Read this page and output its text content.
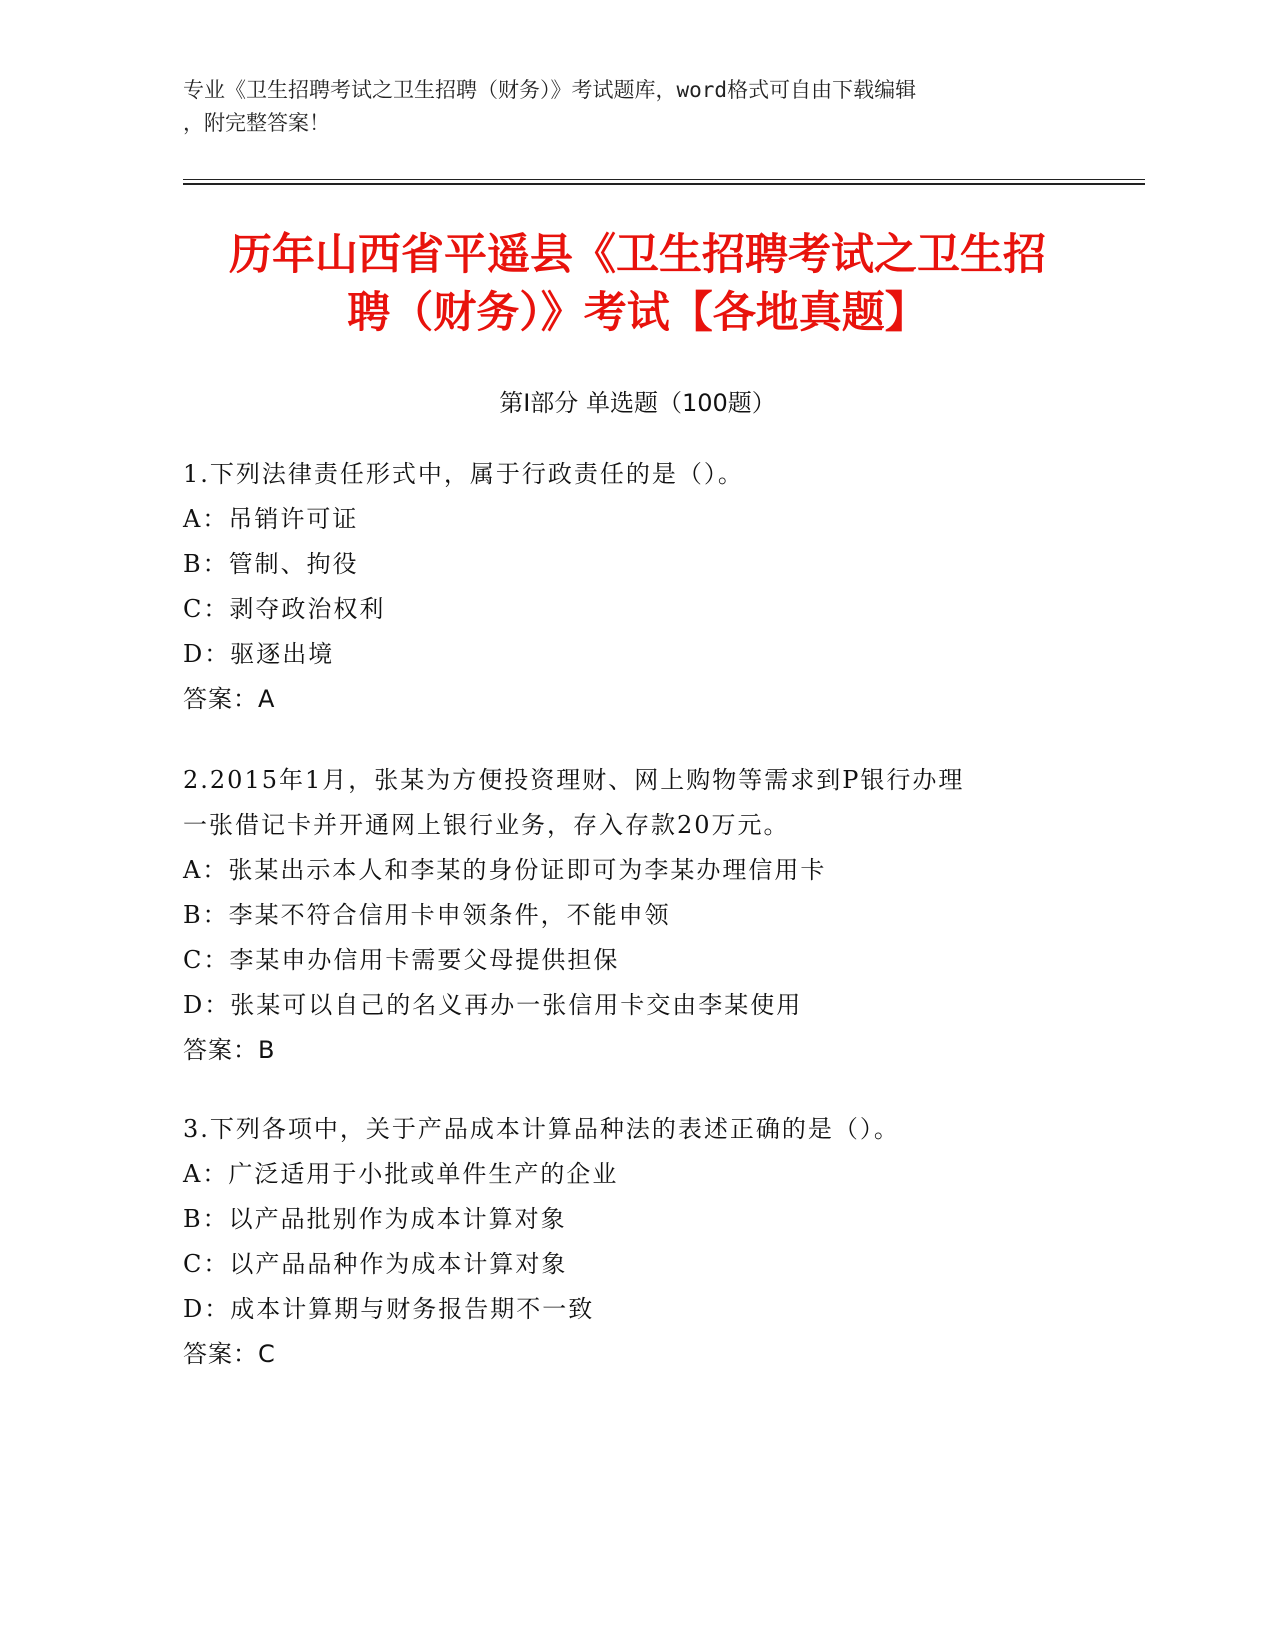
专业《卫生招聘考试之卫生招聘（财务）》考试题库，word格式可自由下载编辑
，附完整答案！
历年山西省平遥县《卫生招聘考试之卫生招
聘（财务）》考试【各地真题】
第Ⅰ部分 单选题（100题）
1.下列法律责任形式中，属于行政责任的是（）。
A：吊销许可证
B：管制、拘役
C：剥夺政治权利
D：驱逐出境
答案：A
2.2015年1月，张某为方便投资理财、网上购物等需求到P银行办理
一张借记卡并开通网上银行业务，存入存款20万元。
A：张某出示本人和李某的身份证即可为李某办理信用卡
B：李某不符合信用卡申领条件，不能申领
C：李某申办信用卡需要父母提供担保
D：张某可以自己的名义再办一张信用卡交由李某使用
答案：B
3.下列各项中，关于产品成本计算品种法的表述正确的是（）。
A：广泛适用于小批或单件生产的企业
B：以产品批别作为成本计算对象
C：以产品品种作为成本计算对象
D：成本计算期与财务报告期不一致
答案：C
